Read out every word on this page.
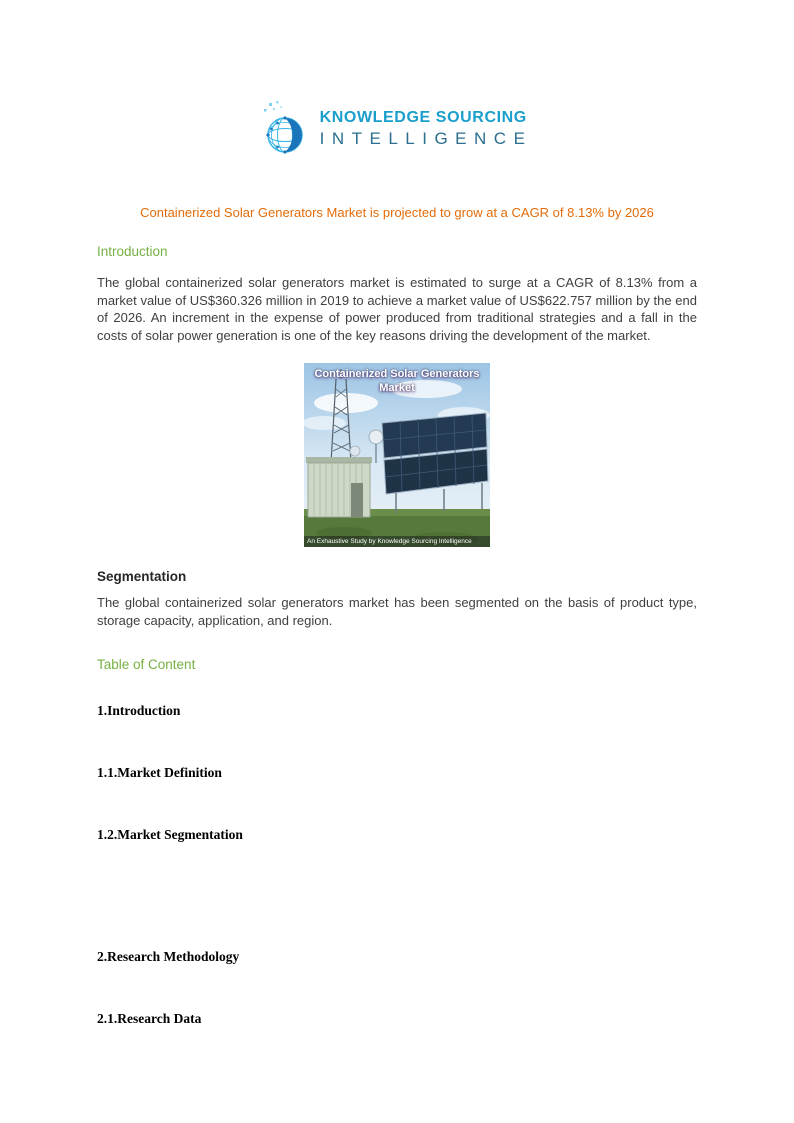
KNOWLEDGE SOURCING
INTELLIGENCE
Containerized Solar Generators Market is projected to grow at a CAGR of 8.13% by 2026
Introduction

The global containerized solar generators market is estimated to surge at a CAGR of 8.13% from a market value of US$360.326 million in 2019 to achieve a market value of US$622.757 million by the end of 2026. An increment in the expense of power produced from traditional strategies and a fall in the costs of solar power generation is one of the key reasons driving the development of the market.

Containerized Solar Generators Market
An Exhaustive Study by Knowledge Sourcing Intelligence
Segmentation

The global containerized solar generators market has been segmented on the basis of product type, storage capacity, application, and region.

Table of Content
1.Introduction
1.1.Market Definition
1.2.Market Segmentation
2.Research Methodology
2.1.Research Data
